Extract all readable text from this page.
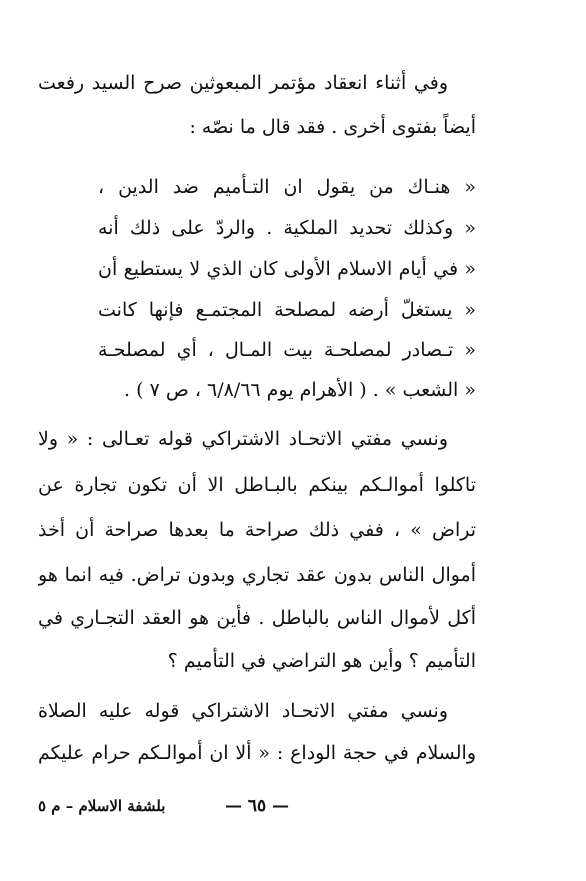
وفي أثناء انعقاد مؤتمر المبعوثين صرح السيد رفعت
أيضاً بفتوى أخرى . فقد قال ما نصّه :
« هنـاك من يقول ان التـأميم ضد الدين ،
« وكذلك تحديد الملكية . والردّ على ذلك أنه
« في أيام الاسلام الأولى كان الذي لا يستطيع أن
« يستغلّ أرضه لمصلحة المجتمـع فإنها كانت
« تـصادر لمصلحـة بيت المـال ، أي لمصلحـة
« الشعب » . ( الأهرام يوم ٦/٨/٦٦ ، ص ٧ ) .
ونسي مفتي الاتحـاد الاشتراكي قوله تعـالى : « ولا
تاكلوا أموالـكم بينكم بالبـاطل الا أن تكون تجارة عن
تراض » ، ففي ذلك صراحة ما بعدها صراحة أن أخذ
أموال الناس بدون عقد تجاري وبدون تراض. فيه انما هو
أكل لأموال الناس بالباطل . فأين هو العقد التجـاري في
التأميم ؟ وأين هو التراضي في التأميم ؟
ونسي مفتي الاتحـاد الاشتراكي قوله عليه الصلاة
والسلام في حجة الوداع : « ألا ان أموالـكم حرام عليكم
بلشفة الاسلام – م ٥	— ٦٥ —
